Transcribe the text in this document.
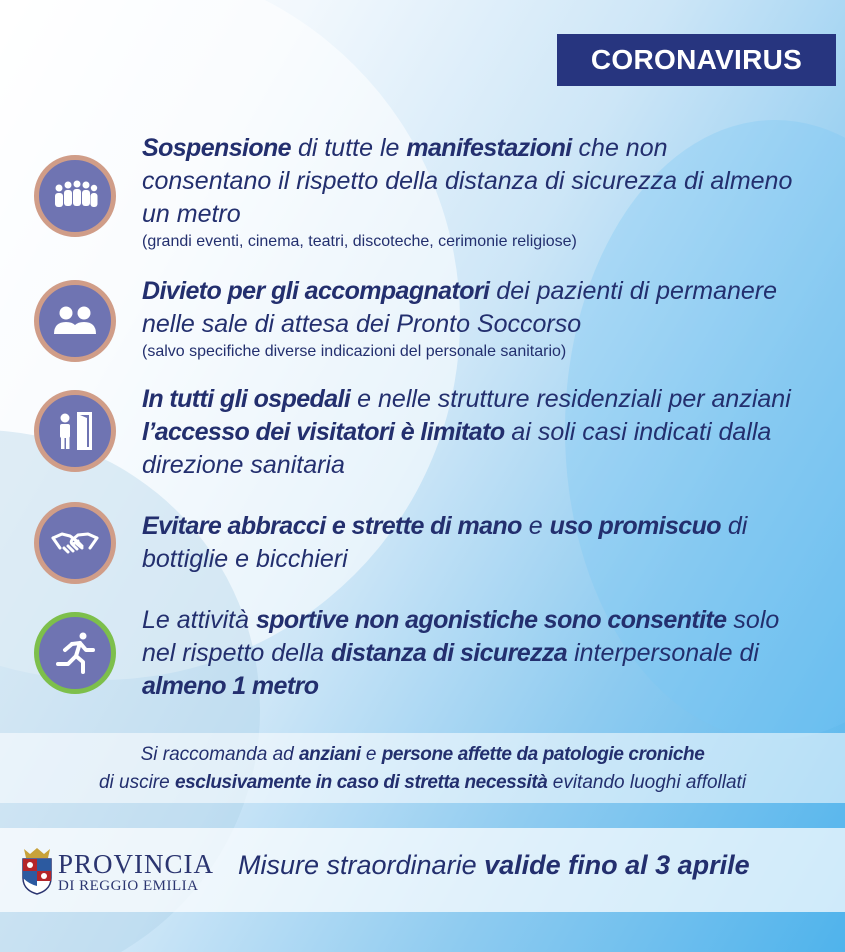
CORONAVIRUS
Sospensione di tutte le manifestazioni che non consentano il rispetto della distanza di sicurezza di almeno un metro
(grandi eventi, cinema, teatri, discoteche, cerimonie religiose)
Divieto per gli accompagnatori dei pazienti di permanere nelle sale di attesa dei Pronto Soccorso
(salvo specifiche diverse indicazioni del personale sanitario)
In tutti gli ospedali e nelle strutture residenziali per anziani l’accesso dei visitatori è limitato ai soli casi indicati dalla direzione sanitaria
Evitare abbracci e strette di mano e uso promiscuo di bottiglie e bicchieri
Le attività sportive non agonistiche sono consentite solo nel rispetto della distanza di sicurezza interpersonale di almeno 1 metro
Si raccomanda ad anziani e persone affette da patologie croniche
di uscire esclusivamente in caso di stretta necessità evitando luoghi affollati
PROVINCIA
DI REGGIO EMILIA
Misure straordinarie valide fino al 3 aprile
